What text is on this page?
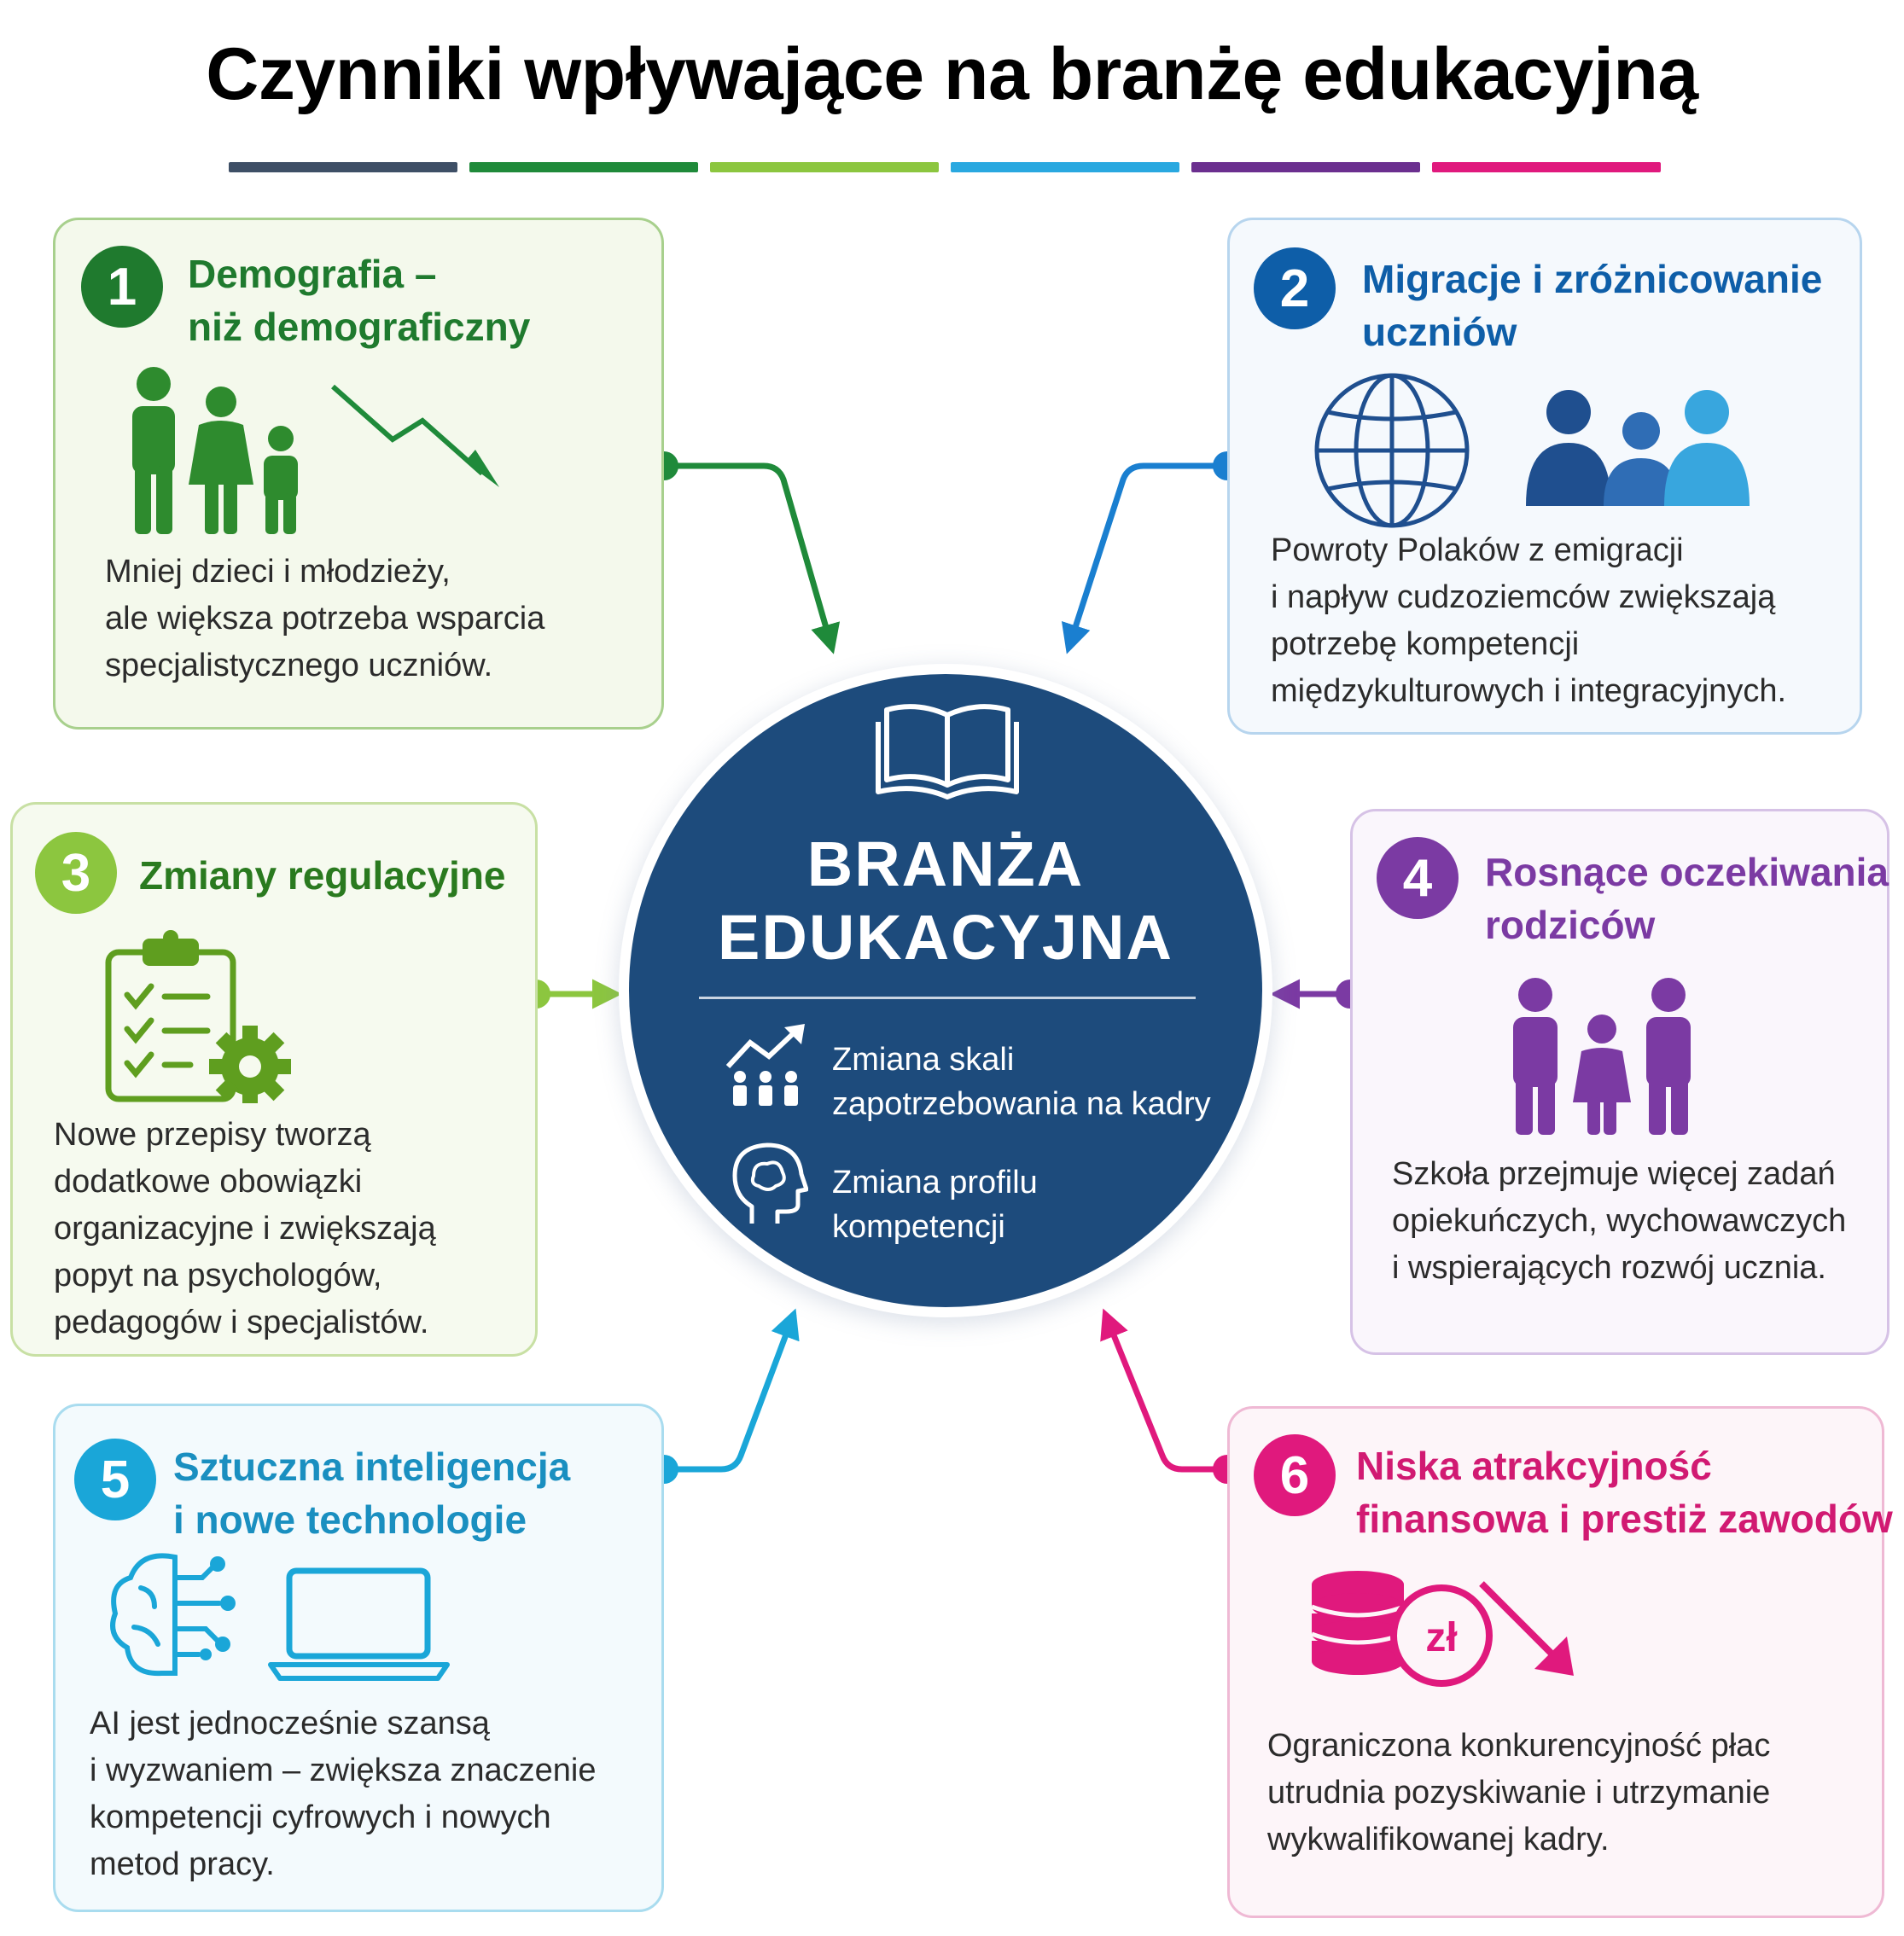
Czynniki wpływające na branżę edukacyjną
1	Demografia –
niż demograficzny
Mniej dzieci i młodzieży,
ale większa potrzeba wsparcia
specjalistycznego uczniów.
2	Migracje i zróżnicowanie
uczniów
Powroty Polaków z emigracji
i napływ cudzoziemców zwiększają
potrzebę kompetencji
międzykulturowych i integracyjnych.
3	Zmiany regulacyjne
Nowe przepisy tworzą
dodatkowe obowiązki
organizacyjne i zwiększają
popyt na psychologów,
pedagogów i specjalistów.
4	Rosnące oczekiwania
rodziców
Szkoła przejmuje więcej zadań
opiekuńczych, wychowawczych
i wspierających rozwój ucznia.
5	Sztuczna inteligencja
i nowe technologie
AI jest jednocześnie szansą
i wyzwaniem – zwiększa znaczenie
kompetencji cyfrowych i nowych
metod pracy.
6	Niska atrakcyjność
finansowa i prestiż zawodów
zł
Ograniczona konkurencyjność płac
utrudnia pozyskiwanie i utrzymanie
wykwalifikowanej kadry.
BRANŻA
EDUKACYJNA
Zmiana skali
zapotrzebowania na kadry
Zmiana profilu
kompetencji
